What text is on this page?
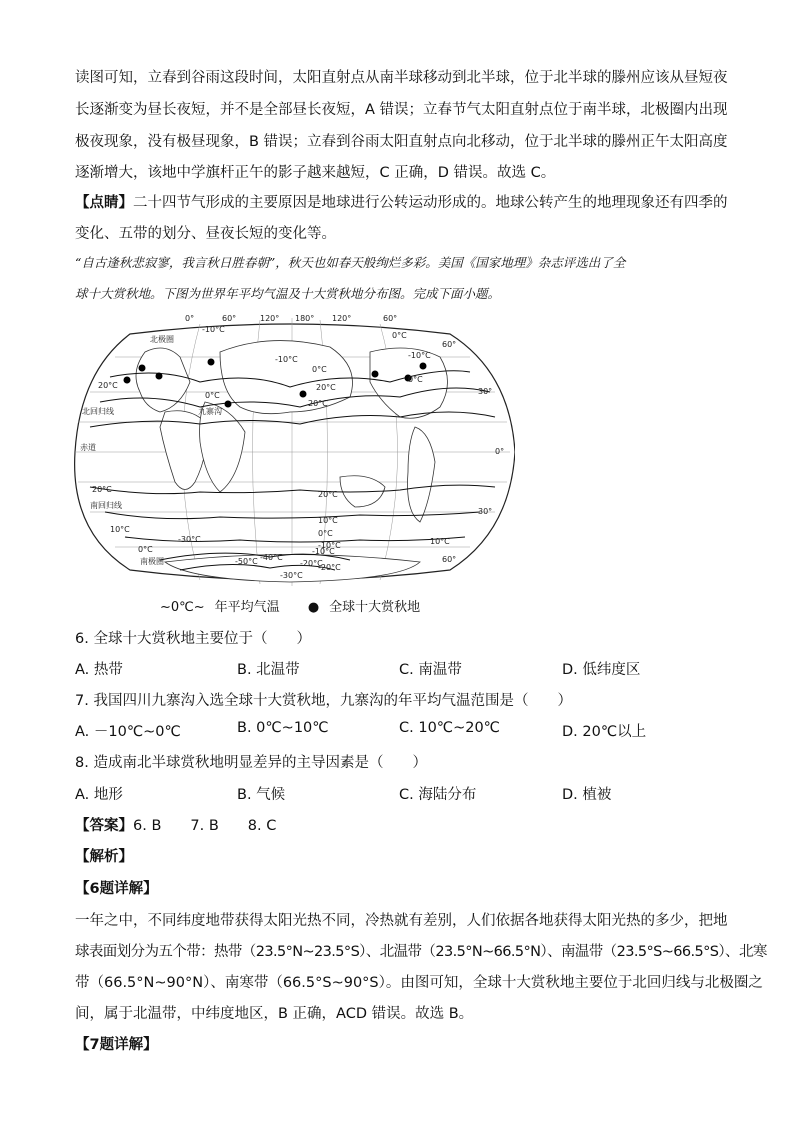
读图可知，立春到谷雨这段时间，太阳直射点从南半球移动到北半球，位于北半球的滕州应该从昼短夜
长逐渐变为昼长夜短，并不是全部昼长夜短，A 错误；立春节气太阳直射点位于南半球，北极圈内出现
极夜现象，没有极昼现象，B 错误；立春到谷雨太阳直射点向北移动，位于北半球的滕州正午太阳高度
逐渐增大，该地中学旗杆正午的影子越来越短，C 正确，D 错误。故选 C。
【点睛】二十四节气形成的主要原因是地球进行公转运动形成的。地球公转产生的地理现象还有四季的
变化、五带的划分、昼夜长短的变化等。
“自古逢秋悲寂寥，我言秋日胜春朝”，秋天也如春天般绚烂多彩。美国《国家地理》杂志评选出了全
球十大赏秋地。下图为世界年平均气温及十大赏秋地分布图。完成下面小题。
0°	60°	120° 180° 120°	60°
60°
30°
0°
30°
60°
-10°C
0°C
-10°C
0°C
20°C
0°C
20°C
-10°C
0°C
20°C
20°C
10°C
0°C	-10°C
-20°C
-30°C
-40°C
-50°C
10°C
20°C
0°C
10°C
-10°C
-20°C
-30°C
北极圈
北回归线
赤道
南回归线
南极圈
九寨沟
~0℃~ 年平均气温 ● 全球十大赏秋地
6. 全球十大赏秋地主要位于（　　）
A. 热带	B. 北温带	C. 南温带	D. 低纬度区
7. 我国四川九寨沟入选全球十大赏秋地，九寨沟的年平均气温范围是（　　）
A. －10℃~0℃	B. 0℃~10℃	C. 10℃~20℃	D. 20℃以上
8. 造成南北半球赏秋地明显差异的主导因素是（　　）
A. 地形	B. 气候	C. 海陆分布	D. 植被
【答案】6. B　　7. B　　8. C
【解析】
【6题详解】
一年之中，不同纬度地带获得太阳光热不同，冷热就有差别，人们依据各地获得太阳光热的多少，把地
球表面划分为五个带：热带（23.5°N~23.5°S）、北温带（23.5°N~66.5°N）、南温带（23.5°S~66.5°S）、北寒
带（66.5°N~90°N）、南寒带（66.5°S~90°S）。由图可知，全球十大赏秋地主要位于北回归线与北极圈之
间，属于北温带，中纬度地区，B 正确，ACD 错误。故选 B。
【7题详解】
